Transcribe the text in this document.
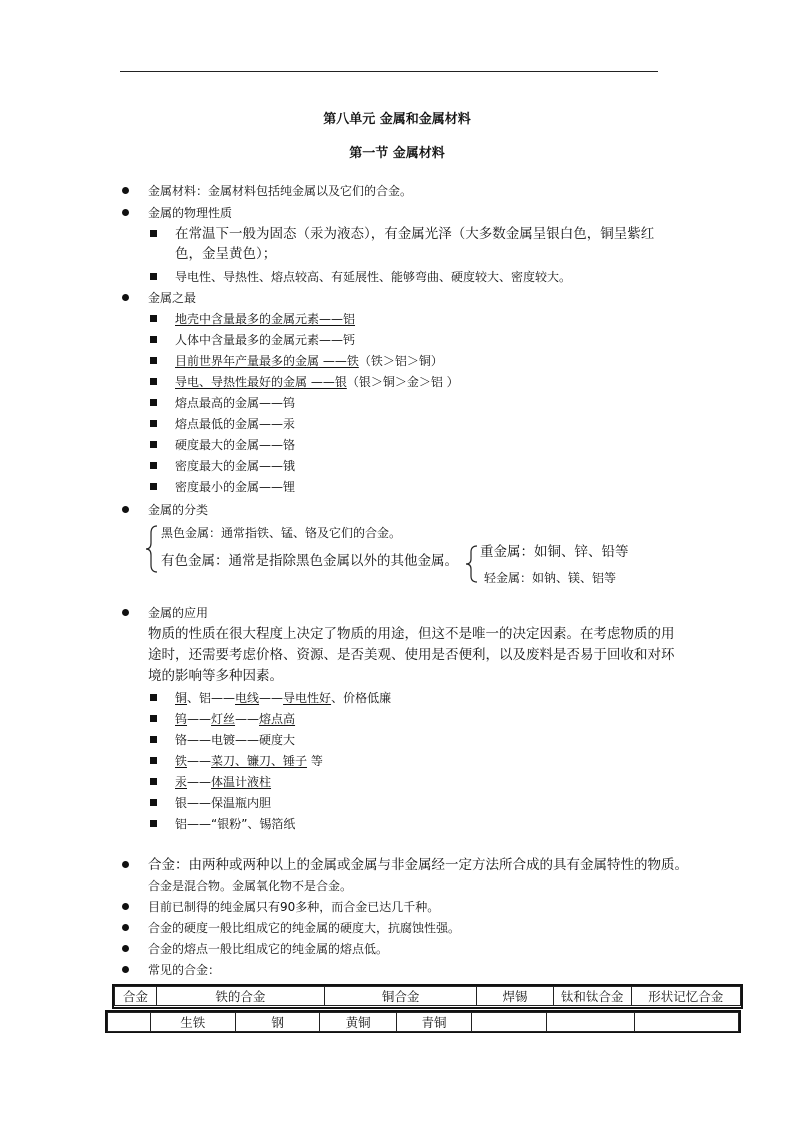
第八单元 金属和金属材料
第一节 金属材料
金属材料：金属材料包括纯金属以及它们的合金。
金属的物理性质
在常温下一般为固态（汞为液态），有金属光泽（大多数金属呈银白色，铜呈紫红
色，金呈黄色）；
导电性、导热性、熔点较高、有延展性、能够弯曲、硬度较大、密度较大。
金属之最
地壳中含量最多的金属元素——铝
人体中含量最多的金属元素——钙
目前世界年产量最多的金属 ——铁（铁＞铝＞铜）
导电、导热性最好的金属 ——银（银＞铜＞金＞铝 ）
熔点最高的金属——钨
熔点最低的金属——汞
硬度最大的金属——铬
密度最大的金属——锇
密度最小的金属——锂
金属的分类
黑色金属：通常指铁、锰、铬及它们的合金。
有色金属：通常是指除黑色金属以外的其他金属。
重金属：如铜、锌、铅等
轻金属：如钠、镁、铝等
金属的应用
物质的性质在很大程度上决定了物质的用途，但这不是唯一的决定因素。在考虑物质的用
途时，还需要考虑价格、资源、是否美观、使用是否便利，以及废料是否易于回收和对环
境的影响等多种因素。
铜、铝——电线——导电性好、价格低廉
钨——灯丝——熔点高
铬——电镀——硬度大
铁——菜刀、镰刀、锤子 等
汞——体温计液柱
银——保温瓶内胆
铝——“银粉”、锡箔纸
合金：由两种或两种以上的金属或金属与非金属经一定方法所合成的具有金属特性的物质。
合金是混合物。金属氧化物不是合金。
目前已制得的纯金属只有90多种，而合金已达几千种。
合金的硬度一般比组成它的纯金属的硬度大，抗腐蚀性强。
合金的熔点一般比组成它的纯金属的熔点低。
常见的合金：
合金	铁的合金	铜合金	焊锡	钛和钛合金	形状记忆合金
	生铁	钢	黄铜	青铜			
